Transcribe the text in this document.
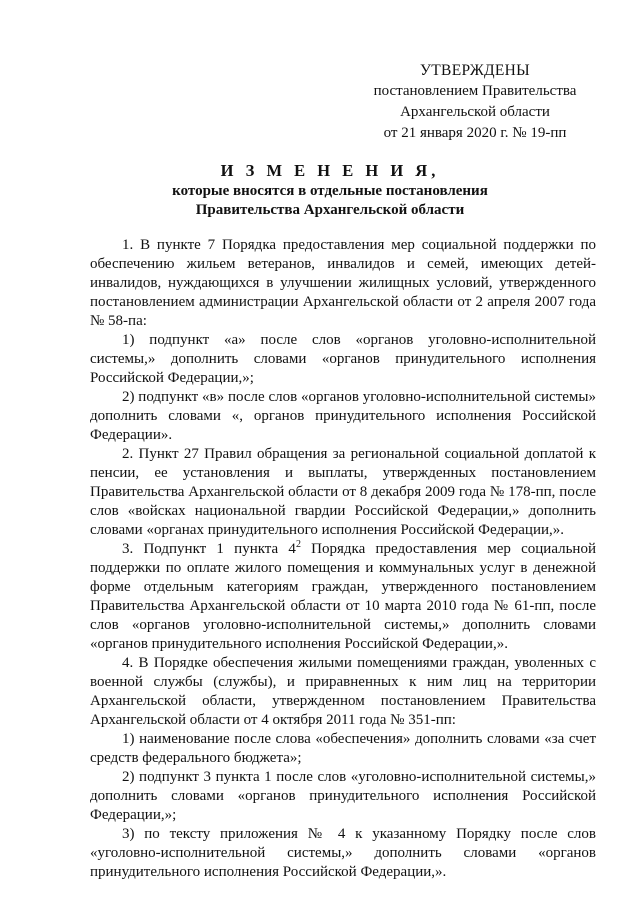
УТВЕРЖДЕНЫ
постановлением Правительства
Архангельской области
от 21 января 2020 г. № 19-пп
И З М Е Н Е Н И Я,
которые вносятся в отдельные постановления
Правительства Архангельской области

1. В пункте 7 Порядка предоставления мер социальной поддержки по обеспечению жильем ветеранов, инвалидов и семей, имеющих детей-инвалидов, нуждающихся в улучшении жилищных условий, утвержденного постановлением администрации Архангельской области от 2 апреля 2007 года № 58-па:

1) подпункт «а» после слов «органов уголовно-исполнительной системы,» дополнить словами «органов принудительного исполнения Российской Федерации,»;

2) подпункт «в» после слов «органов уголовно-исполнительной системы» дополнить словами «, органов принудительного исполнения Российской Федерации».

2. Пункт 27 Правил обращения за региональной социальной доплатой к пенсии, ее установления и выплаты, утвержденных постановлением Правительства Архангельской области от 8 декабря 2009 года № 178-пп, после слов «войсках национальной гвардии Российской Федерации,» дополнить словами «органах принудительного исполнения Российской Федерации,».

3. Подпункт 1 пункта $4^2$ Порядка предоставления мер социальной поддержки по оплате жилого помещения и коммунальных услуг в денежной форме отдельным категориям граждан, утвержденного постановлением Правительства Архангельской области от 10 марта 2010 года № 61-пп, после слов «органов уголовно-исполнительной системы,» дополнить словами «органов принудительного исполнения Российской Федерации,».

4. В Порядке обеспечения жилыми помещениями граждан, уволенных с военной службы (службы), и приравненных к ним лиц на территории Архангельской области, утвержденном постановлением Правительства Архангельской области от 4 октября 2011 года № 351-пп:

1) наименование после слова «обеспечения» дополнить словами «за счет средств федерального бюджета»;

2) подпункт 3 пункта 1 после слов «уголовно-исполнительной системы,» дополнить словами «органов принудительного исполнения Российской Федерации,»;

3) по тексту приложения № 4 к указанному Порядку после слов «уголовно-исполнительной системы,» дополнить словами «органов принудительного исполнения Российской Федерации,».
